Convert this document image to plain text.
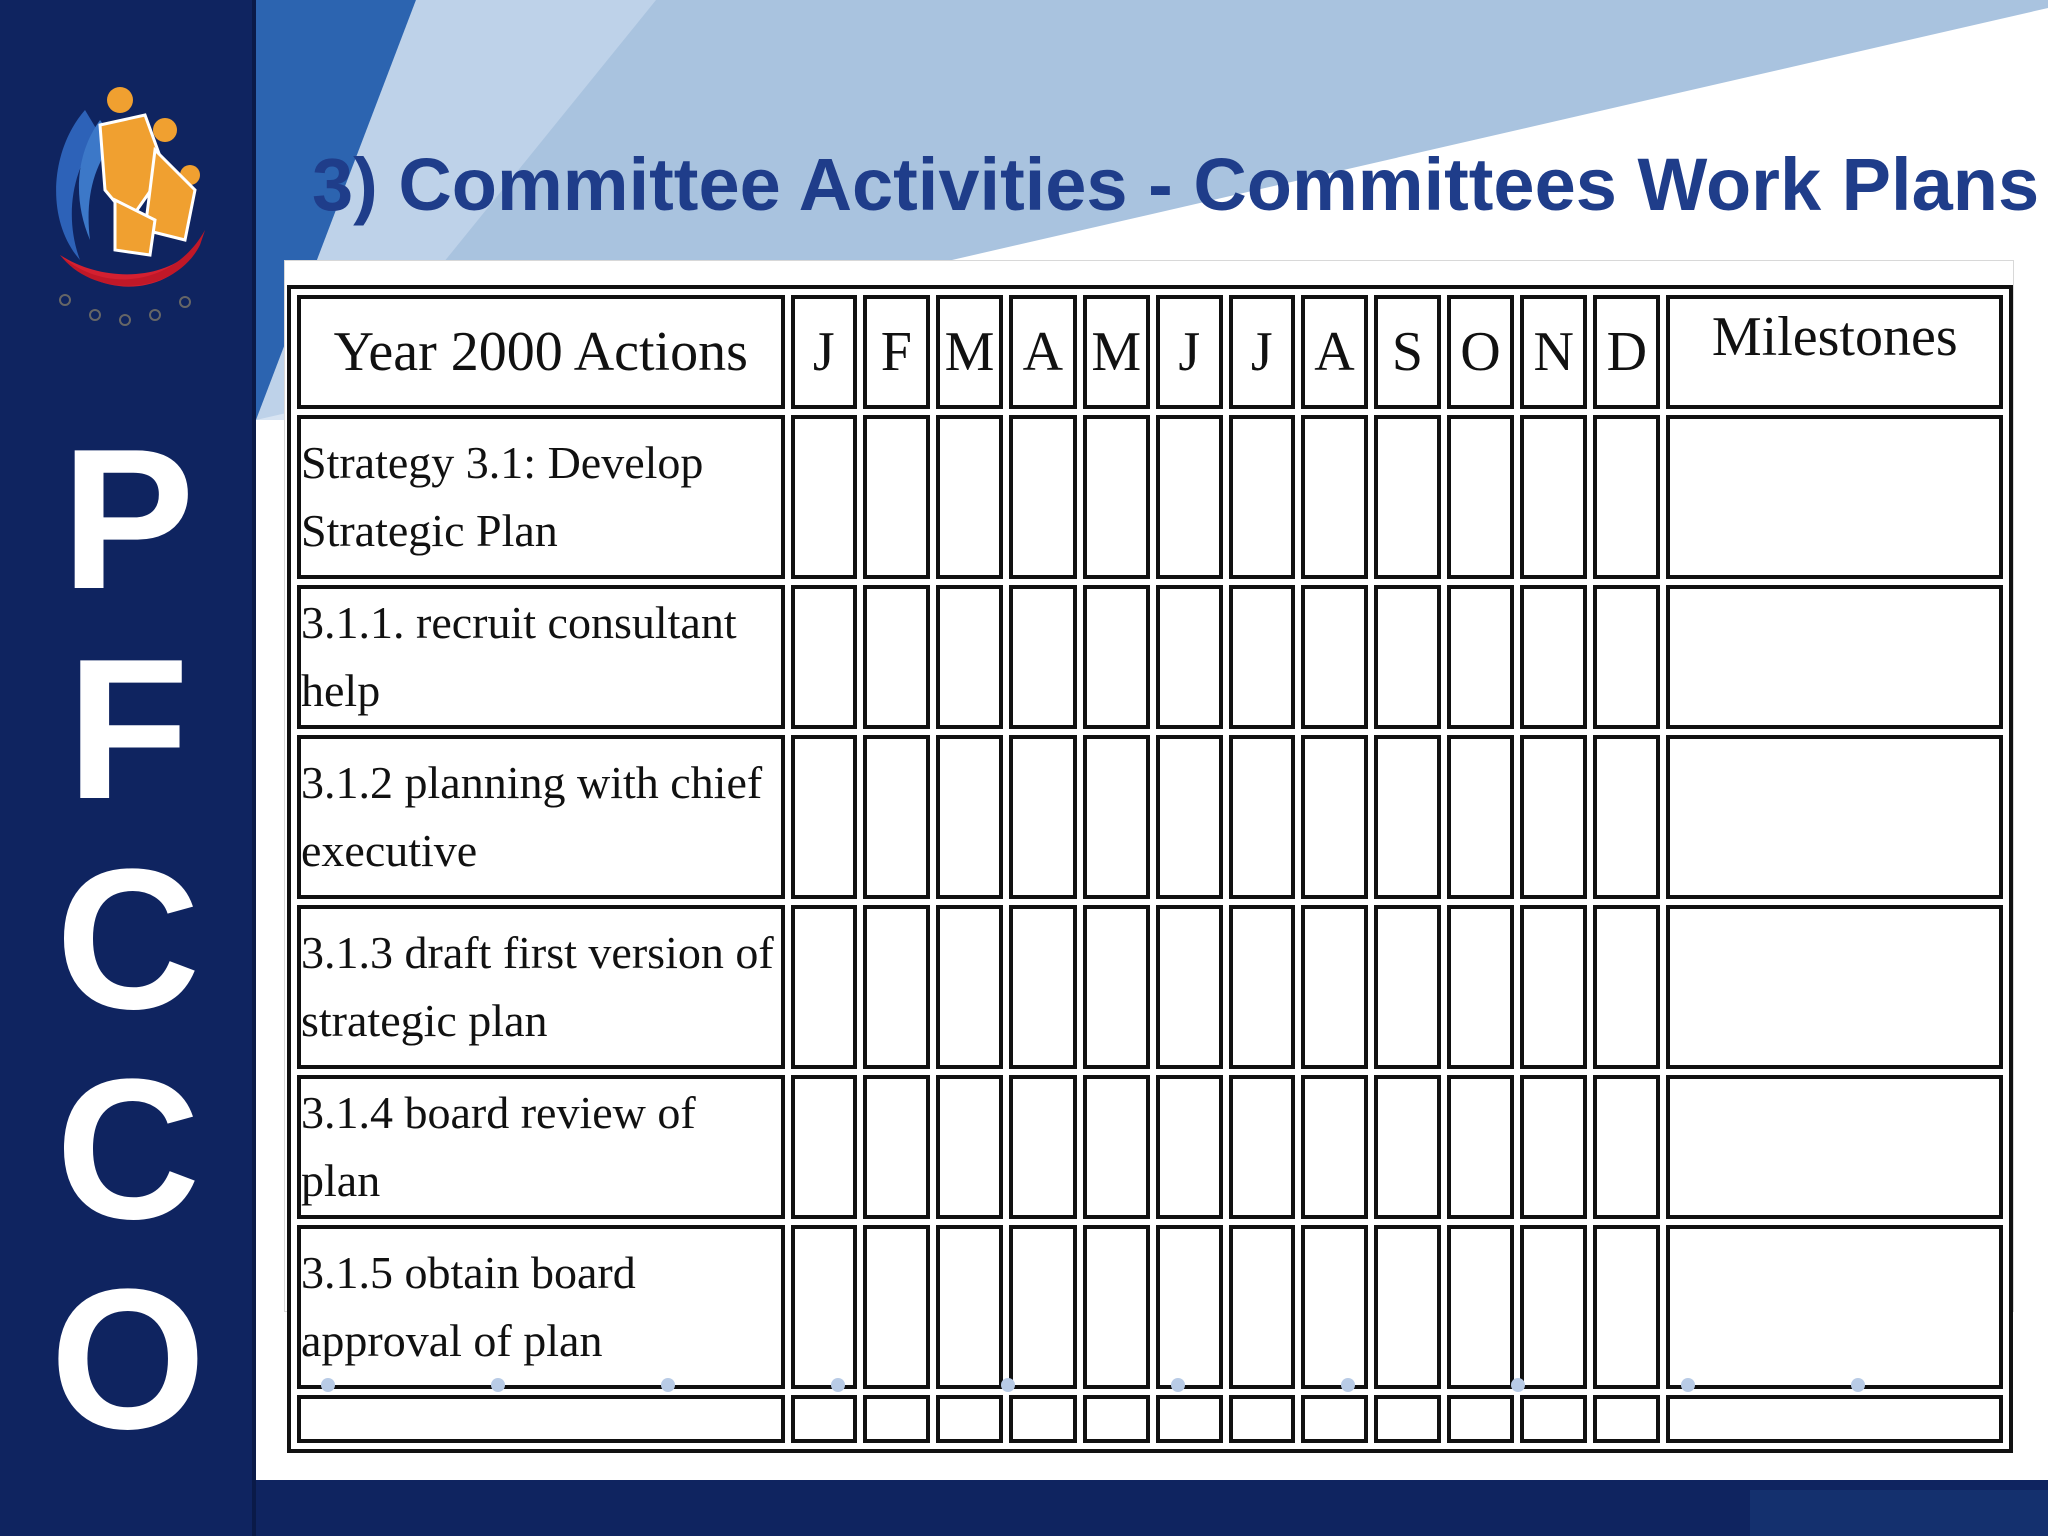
P
F
C
C
O
3) Committee Activities - Committees Work Plans
Year 2000 Actions	J	F	M	A	M	J	J	A	S	O	N	D	Milestones
Strategy 3.1: Develop Strategic Plan													
3.1.1. recruit consultant help													
3.1.2 planning with chief executive													
3.1.3 draft first version of strategic plan													
3.1.4 board review of plan													
3.1.5 obtain board approval of plan													
